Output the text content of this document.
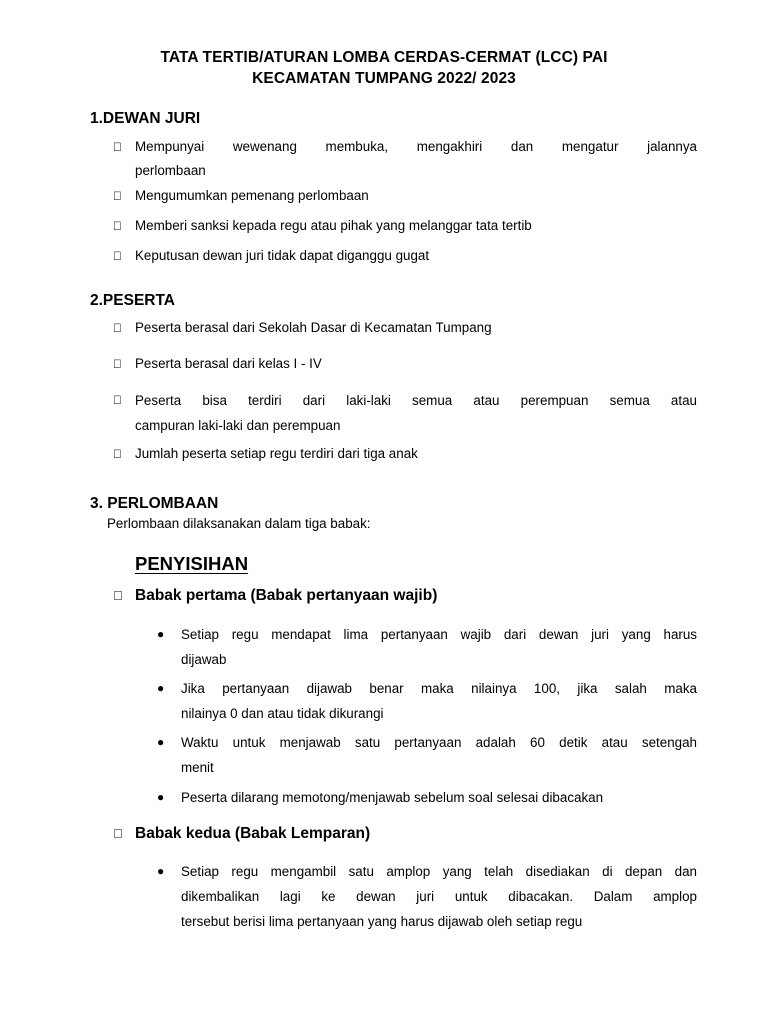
TATA TERTIB/ATURAN LOMBA CERDAS-CERMAT (LCC) PAI
KECAMATAN TUMPANG 2022/ 2023
1.DEWAN JURI
Mempunyai wewenang membuka, mengakhiri dan mengatur jalannya
perlombaan
Mengumumkan pemenang perlombaan
Memberi sanksi kepada regu atau pihak yang melanggar tata tertib
Keputusan dewan juri tidak dapat diganggu gugat
2.PESERTA
Peserta berasal dari Sekolah Dasar di Kecamatan Tumpang
Peserta berasal dari kelas I - IV
Peserta bisa terdiri dari laki-laki semua atau perempuan semua atau
campuran laki-laki dan perempuan
Jumlah peserta setiap regu terdiri dari tiga anak
3. PERLOMBAAN
Perlombaan dilaksanakan dalam tiga babak:
PENYISIHAN
Babak pertama (Babak pertanyaan wajib)
● Setiap regu mendapat lima pertanyaan wajib dari dewan juri yang harus
dijawab
● Jika pertanyaan dijawab benar maka nilainya 100, jika salah maka
nilainya 0 dan atau tidak dikurangi
● Waktu untuk menjawab satu pertanyaan adalah 60 detik atau setengah
menit
● Peserta dilarang memotong/menjawab sebelum soal selesai dibacakan
Babak kedua (Babak Lemparan)
● Setiap regu mengambil satu amplop yang telah disediakan di depan dan
dikembalikan lagi ke dewan juri untuk dibacakan. Dalam amplop
tersebut berisi lima pertanyaan yang harus dijawab oleh setiap regu
